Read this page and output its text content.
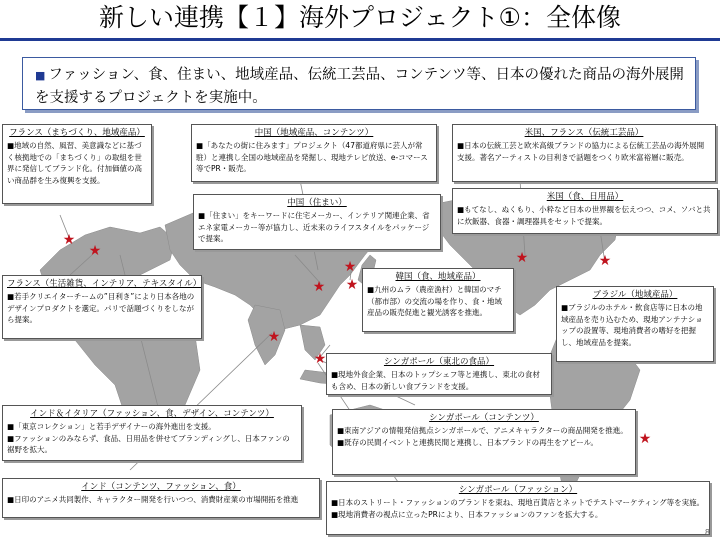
新しい連携【１】海外プロジェクト①：全体像
■ ファッション、食、住まい、地域産品、伝統工芸品、コンテンツ等、日本の優れた商品の海外展開を支援するプロジェクトを実施中。
★
★
★
★
★
★
★
★	★
★
フランス（まちづくり、地域産品）
■地域の自然、風習、美意識などに基づく核拠地での「まちづくり」の取組を世界に発信してブランド化。付加価値の高い商品群を生み復興を支援。
中国（地域産品、コンテンツ）
■「あなたの街に住みます」プロジェクト（47都道府県に芸人が常駐）と連携し全国の地域産品を発掘し、現地テレビ放送、e-コマース等でPR・販売。
米国、フランス（伝統工芸品）
■日本の伝統工芸と欧米高級ブランドの協力による伝統工芸品の海外展開支援。著名アーティストの目利きで話題をつくり欧米富裕層に販売。
中国（住まい）
■「住まい」をキーワードに住宅メーカー、インテリア関連企業、省エネ家電メーカー等が協力し、近未来のライフスタイルをパッケージで提案。
米国（食、日用品）
■もてなし、ぬくもり、小粋など日本の世界観を伝えつつ、コメ、ソバと共に炊飯器、食器・調理器具をセットで提案。
フランス（生活雑貨、インテリア、テキスタイル）
■若手クリエイターチームの”目利き”により日本各地のデザインプロダクトを選定。パリで話題づくりをしながら提案。
韓国（食、地域産品）
■九州のムラ（農産漁村）と韓国のマチ（都市部）の交流の場を作り、食・地域産品の販売促進と観光誘客を推進。
ブラジル（地域産品）
■ブラジルのホテル・飲食店等に日本の地域産品を売り込むため、現地アンテナショップの設置等、現地消費者の嗜好を把握し、地域産品を提案。
シンガポール（東北の食品）
■現地外食企業、日本のトップシェフ等と連携し、東北の食材も含め、日本の新しい食ブランドを支援。
インド＆イタリア（ファッション、食、デザイン、コンテンツ）
■「東京コレクション」と若手デザイナーの海外進出を支援。
■ファッションのみならず、食品、日用品を併せてブランディングし、日本ファンの裾野を拡大。
シンガポール（コンテンツ）
■東南アジアの情報発信拠点シンガポールで、アニメキャラクターの商品開発を推進。
■既存の民間イベントと連携民間と連携し、日本ブランドの再生をアピール。
インド（コンテンツ、ファッション、食）
■日印のアニメ共同製作、キャラクター開発を行いつつ、消費財産業の市場開拓を推進
シンガポール（ファッション）
■日本のストリート・ファッションのブランドを束ね、現地百貨店とネットでテストマーケティング等を実施。
■現地消費者の視点に立ったPRにより、日本ファッションのファンを拡大する。
8
